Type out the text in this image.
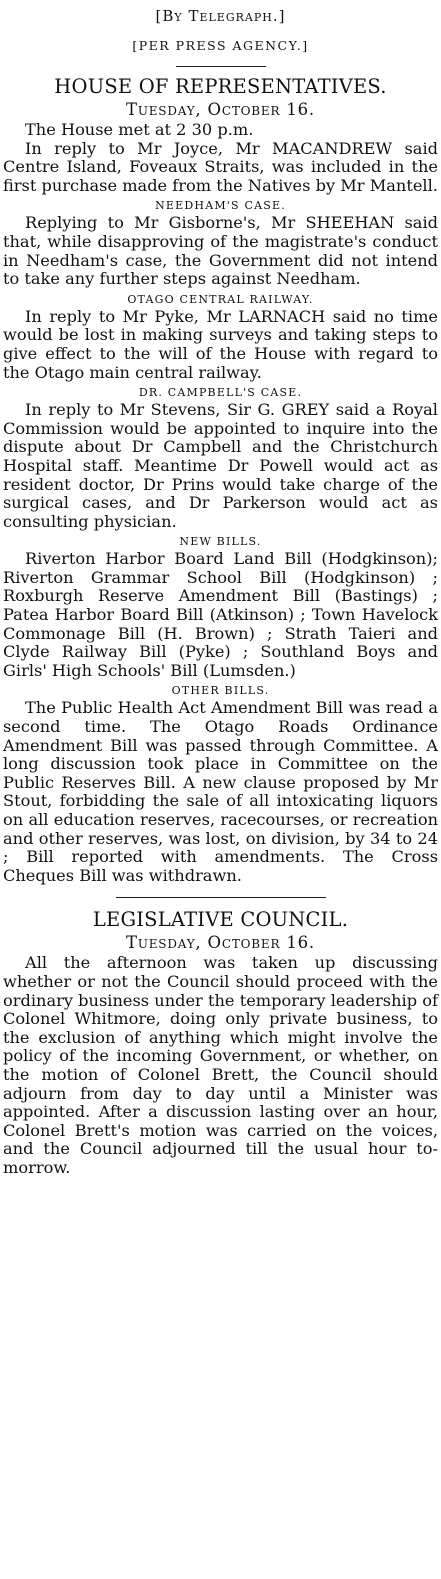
[By Telegraph.]
[PER PRESS AGENCY.]
HOUSE OF REPRESENTATIVES.
Tuesday, October 16.

The House met at 2 30 p.m.

In reply to Mr Joyce, Mr MACANDREW said Centre Island, Foveaux Straits, was included in the first purchase made from the Natives by Mr Mantell.

NEEDHAM'S CASE.

Replying to Mr Gisborne's, Mr SHEEHAN said that, while disapproving of the magistrate's conduct in Needham's case, the Government did not intend to take any further steps against Needham.

OTAGO CENTRAL RAILWAY.

In reply to Mr Pyke, Mr LARNACH said no time would be lost in making surveys and taking steps to give effect to the will of the House with regard to the Otago main central railway.

DR. CAMPBELL'S CASE.

In reply to Mr Stevens, Sir G. GREY said a Royal Commission would be appointed to inquire into the dispute about Dr Campbell and the Christchurch Hospital staff. Meantime Dr Powell would act as resident doctor, Dr Prins would take charge of the surgical cases, and Dr Parkerson would act as consulting physician.

NEW BILLS.

Riverton Harbor Board Land Bill (Hodgkinson); Riverton Grammar School Bill (Hodgkinson) ; Roxburgh Reserve Amendment Bill (Bastings) ; Patea Harbor Board Bill (Atkinson) ; Town Havelock Commonage Bill (H. Brown) ; Strath Taieri and Clyde Railway Bill (Pyke) ; Southland Boys and Girls' High Schools' Bill (Lumsden.)

OTHER BILLS.

The Public Health Act Amendment Bill was read a second time. The Otago Roads Ordinance Amendment Bill was passed through Committee. A long discussion took place in Committee on the Public Reserves Bill. A new clause proposed by Mr Stout, forbidding the sale of all intoxicating liquors on all education reserves, racecourses, or recreation and other reserves, was lost, on division, by 34 to 24 ; Bill reported with amendments. The Cross Cheques Bill was withdrawn.

LEGISLATIVE COUNCIL.
Tuesday, October 16.

All the afternoon was taken up discussing whether or not the Council should proceed with the ordinary business under the temporary leadership of Colonel Whitmore, doing only private business, to the exclusion of anything which might involve the policy of the incoming Government, or whether, on the motion of Colonel Brett, the Council should adjourn from day to day until a Minister was appointed. After a discussion lasting over an hour, Colonel Brett's motion was carried on the voices, and the Council adjourned till the usual hour to-morrow.
